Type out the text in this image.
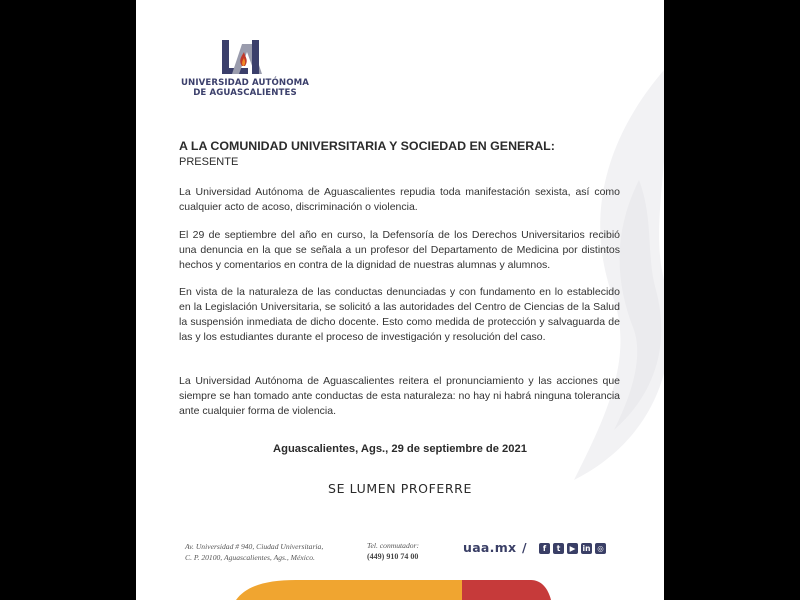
UNIVERSIDAD AUTÓNOMA
DE AGUASCALIENTES
A LA COMUNIDAD UNIVERSITARIA Y SOCIEDAD EN GENERAL:
PRESENTE

La Universidad Autónoma de Aguascalientes repudia toda manifestación sexista, así como cualquier acto de acoso, discriminación o violencia.

El 29 de septiembre del año en curso, la Defensoría de los Derechos Universitarios recibió una denuncia en la que se señala a un profesor del Departamento de Medicina por distintos hechos y comentarios en contra de la dignidad de nuestras alumnas y alumnos.

En vista de la naturaleza de las conductas denunciadas y con fundamento en lo establecido en la Legislación Universitaria, se solicitó a las autoridades del Centro de Ciencias de la Salud la suspensión inmediata de dicho docente. Esto como medida de protección y salvaguarda de las y los estudiantes durante el proceso de investigación y resolución del caso.

La Universidad Autónoma de Aguascalientes reitera el pronunciamiento y las acciones que siempre se han tomado ante conductas de esta naturaleza: no hay ni habrá ninguna tolerancia ante cualquier forma de violencia.

Aguascalientes, Ags., 29 de septiembre de 2021
SE LUMEN PROFERRE
Av. Universidad # 940, Ciudad Universitaria,
C. P. 20100, Aguascalientes, Ags., México.
Tel. conmutador:
(449) 910 74 00
uaa.mx /	f	t	▶ in ◎
